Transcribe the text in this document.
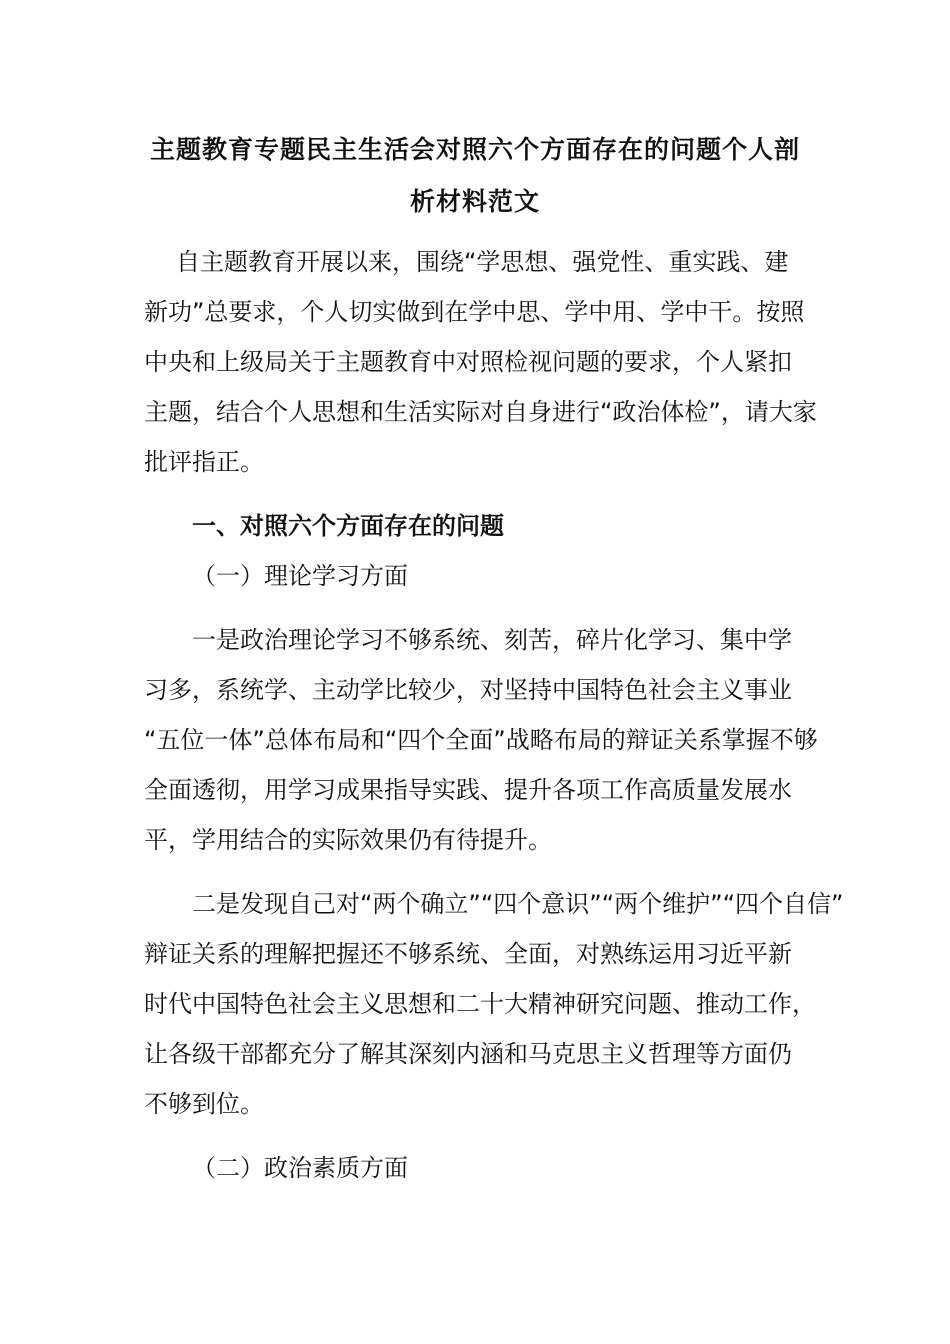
主题教育专题民主生活会对照六个方面存在的问题个人剖
析材料范文

自主题教育开展以来，围绕“学思想、强党性、重实践、建

新功”总要求，个人切实做到在学中思、学中用、学中干。按照

中央和上级局关于主题教育中对照检视问题的要求，个人紧扣

主题，结合个人思想和生活实际对自身进行“政治体检”，请大家

批评指正。

一、对照六个方面存在的问题

（一）理论学习方面

一是政治理论学习不够系统、刻苦，碎片化学习、集中学

习多，系统学、主动学比较少，对坚持中国特色社会主义事业

“五位一体”总体布局和“四个全面”战略布局的辩证关系掌握不够

全面透彻，用学习成果指导实践、提升各项工作高质量发展水

平，学用结合的实际效果仍有待提升。

二是发现自己对“两个确立”“四个意识”“两个维护”“四个自信”

辩证关系的理解把握还不够系统、全面，对熟练运用习近平新

时代中国特色社会主义思想和二十大精神研究问题、推动工作，

让各级干部都充分了解其深刻内涵和马克思主义哲理等方面仍

不够到位。

（二）政治素质方面
